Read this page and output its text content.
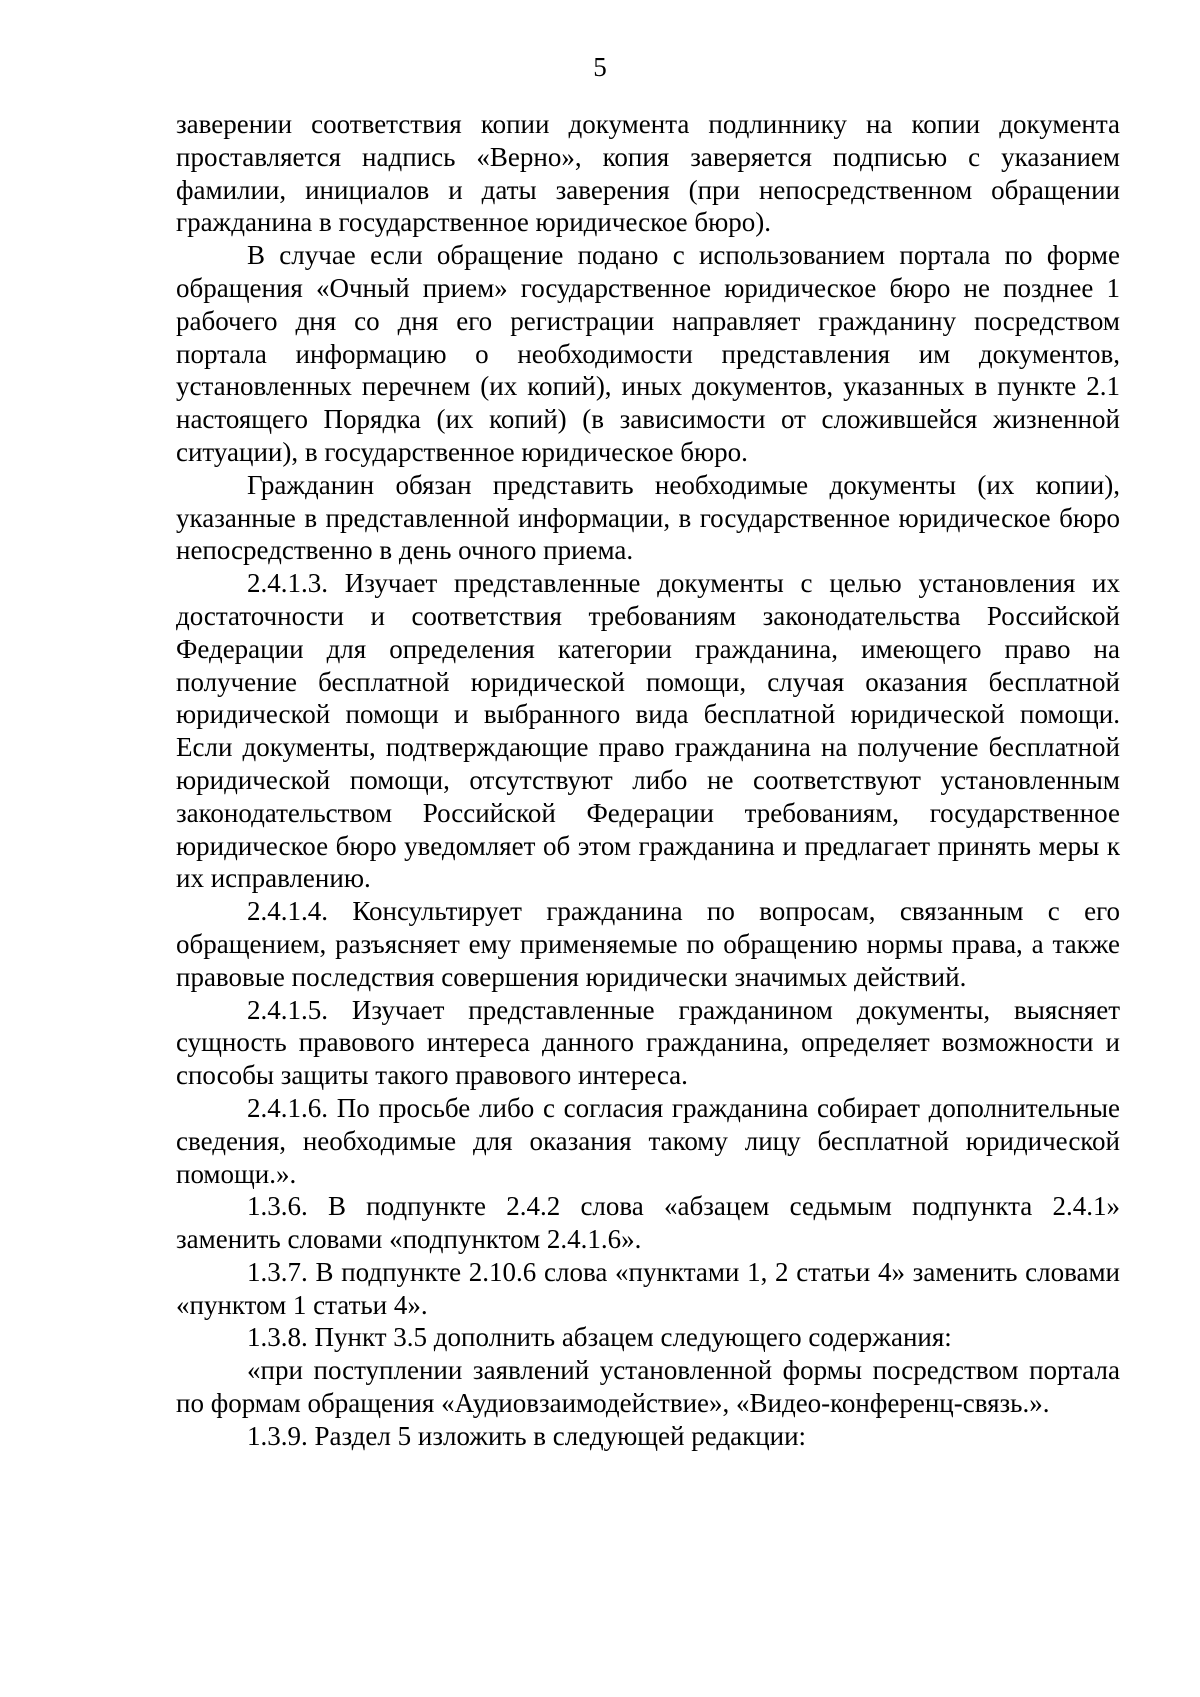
5

заверении соответствия копии документа подлиннику на копии документа проставляется надпись «Верно», копия заверяется подписью с указанием фамилии, инициалов и даты заверения (при непосредственном обращении гражданина в государственное юридическое бюро).

В случае если обращение подано с использованием портала по форме обращения «Очный прием» государственное юридическое бюро не позднее 1 рабочего дня со дня его регистрации направляет гражданину посредством портала информацию о необходимости представления им документов, установленных перечнем (их копий), иных документов, указанных в пункте 2.1 настоящего Порядка (их копий) (в зависимости от сложившейся жизненной ситуации), в государственное юридическое бюро.

Гражданин обязан представить необходимые документы (их копии), указанные в представленной информации, в государственное юридическое бюро непосредственно в день очного приема.

2.4.1.3. Изучает представленные документы с целью установления их достаточности и соответствия требованиям законодательства Российской Федерации для определения категории гражданина, имеющего право на получение бесплатной юридической помощи, случая оказания бесплатной юридической помощи и выбранного вида бесплатной юридической помощи. Если документы, подтверждающие право гражданина на получение бесплатной юридической помощи, отсутствуют либо не соответствуют установленным законодательством Российской Федерации требованиям, государственное юридическое бюро уведомляет об этом гражданина и предлагает принять меры к их исправлению.

2.4.1.4. Консультирует гражданина по вопросам, связанным с его обращением, разъясняет ему применяемые по обращению нормы права, а также правовые последствия совершения юридически значимых действий.

2.4.1.5. Изучает представленные гражданином документы, выясняет сущность правового интереса данного гражданина, определяет возможности и способы защиты такого правового интереса.

2.4.1.6. По просьбе либо с согласия гражданина собирает дополнительные сведения, необходимые для оказания такому лицу бесплатной юридической помощи.».

1.3.6. В подпункте 2.4.2 слова «абзацем седьмым подпункта 2.4.1» заменить словами «подпунктом 2.4.1.6».

1.3.7. В подпункте 2.10.6 слова «пунктами 1, 2 статьи 4» заменить словами «пунктом 1 статьи 4».

1.3.8. Пункт 3.5 дополнить абзацем следующего содержания:

«при поступлении заявлений установленной формы посредством портала по формам обращения «Аудиовзаимодействие», «Видео-конференц-связь.».

1.3.9. Раздел 5 изложить в следующей редакции:
